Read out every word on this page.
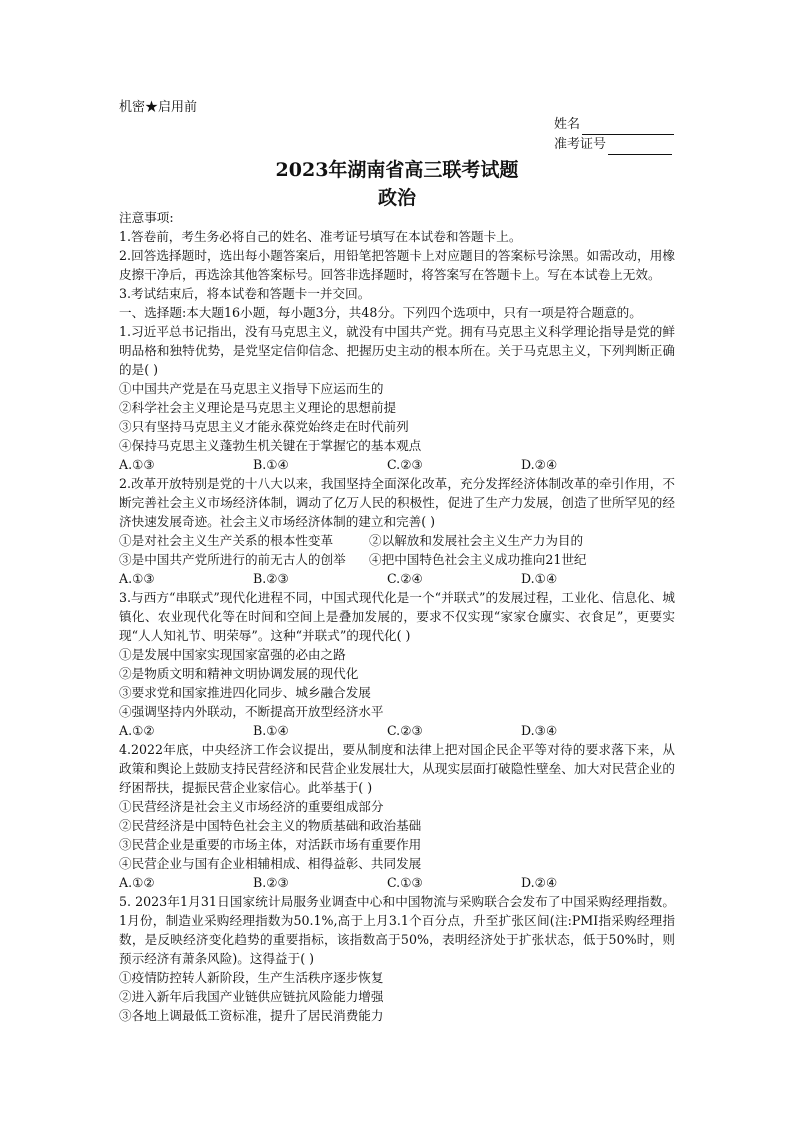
机密★启用前
姓名
准考证号
2023年湖南省高三联考试题
政治

注意事项:

1.答卷前，考生务必将自己的姓名、准考证号填写在本试卷和答题卡上。

2.回答选择题时，选出每小题答案后，用铅笔把答题卡上对应题目的答案标号涂黑。如需改动，用橡皮擦干净后，再选涂其他答案标号。回答非选择题时，将答案写在答题卡上。写在本试卷上无效。

3.考试结束后，将本试卷和答题卡一并交回。

一、选择题:本大题16小题，每小题3分，共48分。下列四个选项中，只有一项是符合题意的。

1.习近平总书记指出，没有马克思主义，就没有中国共产党。拥有马克思主义科学理论指导是党的鲜明品格和独特优势，是党坚定信仰信念、把握历史主动的根本所在。关于马克思主义，下列判断正确的是( )

①中国共产党是在马克思主义指导下应运而生的

②科学社会主义理论是马克思主义理论的思想前提

③只有坚持马克思主义才能永葆党始终走在时代前列

④保持马克思主义蓬勃生机关键在于掌握它的基本观点

A.①③	B.①④	C.②③	D.②④

2.改革开放特别是党的十八大以来，我国坚持全面深化改革，充分发挥经济体制改革的牵引作用，不断完善社会主义市场经济体制，调动了亿万人民的积极性，促进了生产力发展，创造了世所罕见的经济快速发展奇迹。社会主义市场经济体制的建立和完善( )

①是对社会主义生产关系的根本性变革	②以解放和发展社会主义生产力为目的
③是中国共产党所进行的前无古人的创举	④把中国特色社会主义成功推向21世纪
A.①③	B.②③	C.②④	D.①④

3.与西方“串联式”现代化进程不同，中国式现代化是一个“并联式”的发展过程，工业化、信息化、城镇化、农业现代化等在时间和空间上是叠加发展的，要求不仅实现“家家仓廪实、衣食足”，更要实现“人人知礼节、明荣辱”。这种“并联式”的现代化( )

①是发展中国家实现国家富强的必由之路

②是物质文明和精神文明协调发展的现代化

③要求党和国家推进四化同步、城乡融合发展

④强调坚持内外联动，不断提高开放型经济水平

A.①②	B.①④	C.②③	D.③④

4.2022年底，中央经济工作会议提出，要从制度和法律上把对国企民企平等对待的要求落下来，从政策和舆论上鼓励支持民营经济和民营企业发展壮大，从现实层面打破隐性壁垒、加大对民营企业的纾困帮扶，提振民营企业家信心。此举基于( )

①民营经济是社会主义市场经济的重要组成部分

②民营经济是中国特色社会主义的物质基础和政治基础

③民营企业是重要的市场主体，对活跃市场有重要作用

④民营企业与国有企业相辅相成、相得益彰、共同发展

A.①②	B.②③	C.①③	D.②④

5. 2023年1月31日国家统计局服务业调查中心和中国物流与采购联合会发布了中国采购经理指数。1月份，制造业采购经理指数为50.1%,高于上月3.1个百分点，升至扩张区间(注:PMI指采购经理指数，是反映经济变化趋势的重要指标，该指数高于50%，表明经济处于扩张状态，低于50%时，则预示经济有萧条风险)。这得益于( )

①疫情防控转人新阶段，生产生活秩序逐步恢复

②进入新年后我国产业链供应链抗风险能力增强

③各地上调最低工资标准，提升了居民消费能力
